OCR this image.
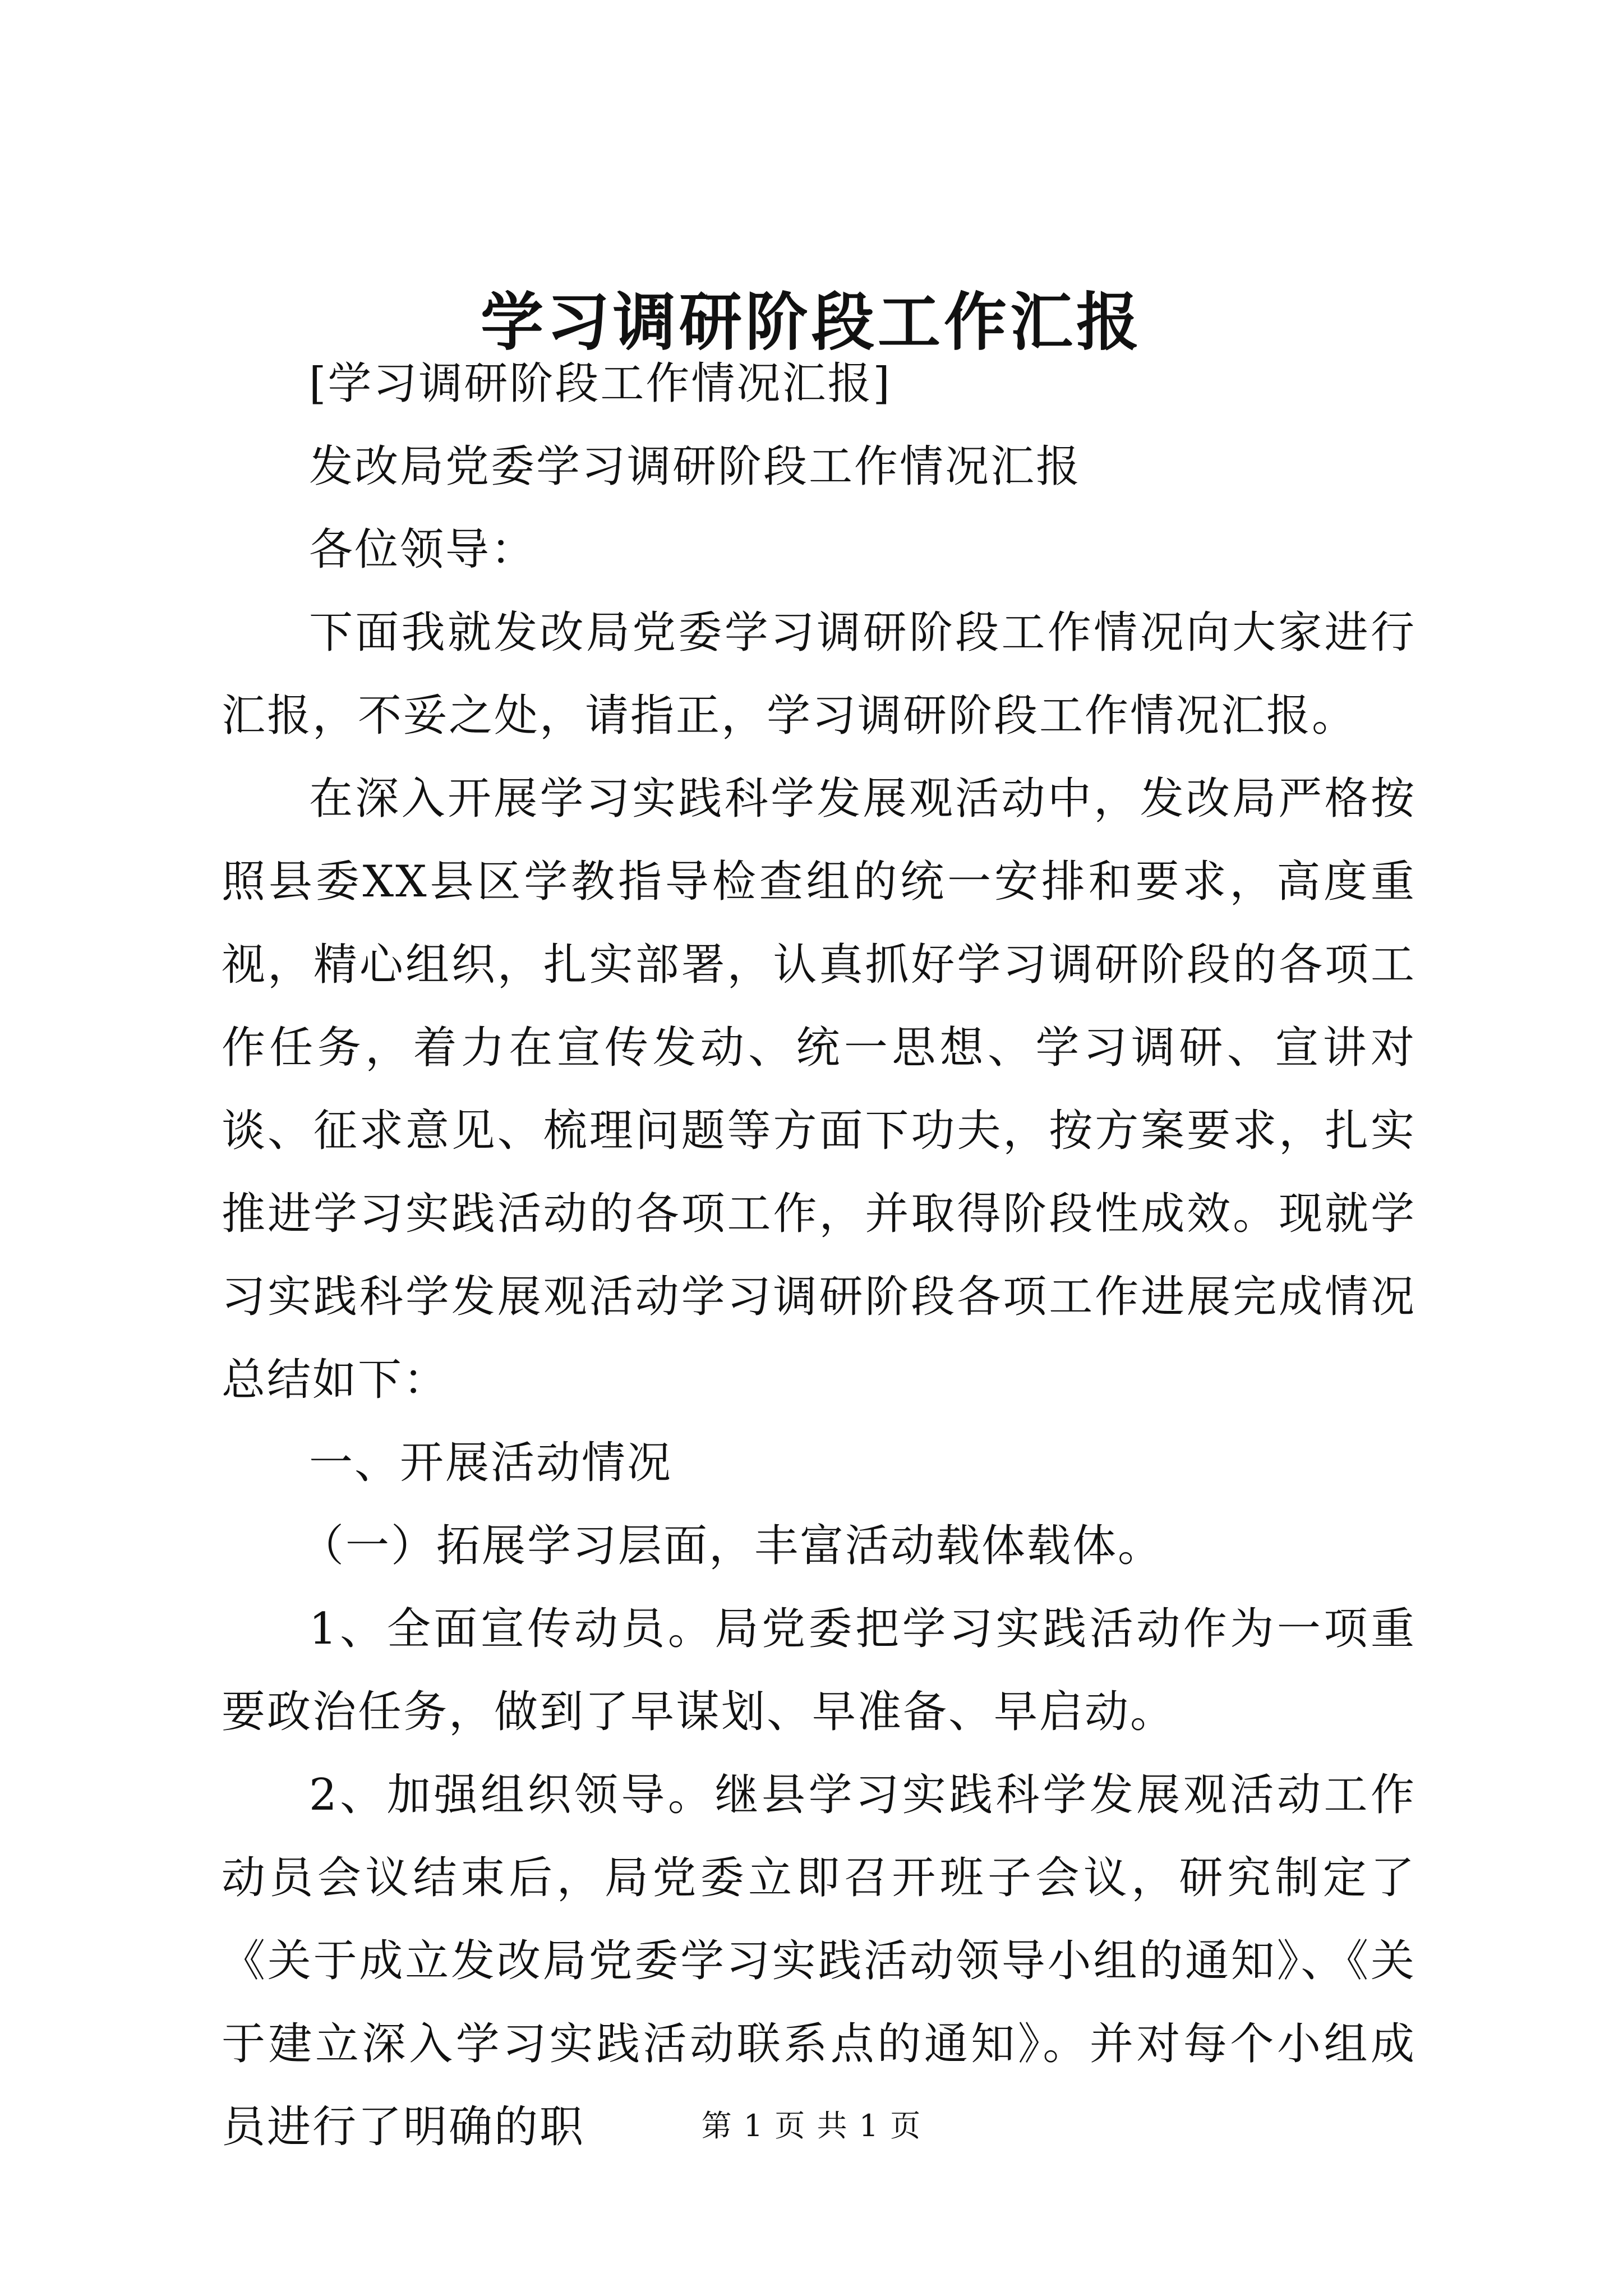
学习调研阶段工作汇报

[学习调研阶段工作情况汇报]

发改局党委学习调研阶段工作情况汇报

各位领导：

下面我就发改局党委学习调研阶段工作情况向大家进行汇报，不妥之处，请指正，学习调研阶段工作情况汇报。

在深入开展学习实践科学发展观活动中，发改局严格按照县委XX县区学教指导检查组的统一安排和要求，高度重视，精心组织，扎实部署，认真抓好学习调研阶段的各项工作任务，着力在宣传发动、统一思想、学习调研、宣讲对谈、征求意见、梳理问题等方面下功夫，按方案要求，扎实推进学习实践活动的各项工作，并取得阶段性成效。现就学习实践科学发展观活动学习调研阶段各项工作进展完成情况总结如下：

一、开展活动情况

（一）拓展学习层面，丰富活动载体载体。

1、全面宣传动员。局党委把学习实践活动作为一项重要政治任务，做到了早谋划、早准备、早启动。

2、加强组织领导。继县学习实践科学发展观活动工作动员会议结束后，局党委立即召开班子会议，研究制定了《关于成立发改局党委学习实践活动领导小组的通知》、《关于建立深入学习实践活动联系点的通知》。并对每个小组成员进行了明确的职	第 1 页 共 1 页
